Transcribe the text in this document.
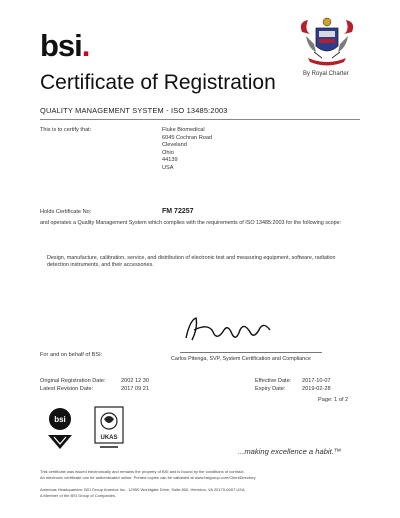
bsi.
By Royal Charter
Certificate of Registration
QUALITY MANAGEMENT SYSTEM - ISO 13485:2003
This is to certify that:	Fluke Biomedical
6045 Cochran Road
Cleveland
Ohio
44139
USA
Holds Certificate No:	FM 72257
and operates a Quality Management System which complies with the requirements of ISO 13485:2003 for the following scope:
Design, manufacture, calibration, service, and distribution of electronic test and measuring equipment, software, radiation detection instruments, and their accessories.
Pitenge
For and on behalf of BSI:
Carlos Pitenga, SVP, System Certification and Compliance
Original Registration Date:	2002 12 30
Latest Revision Date:	2017 09 21
Effective Date: 2017-10-07
Expiry Date:	2019-02-28
Page: 1 of 2
bsi
UKAS
...making excellence a habit.™
This certificate was issued electronically and remains the property of BSI and is bound by the conditions of contract.
An electronic certificate can be authenticated online. Printed copies can be validated at www.bsigroup.com/ClientDirectory
Americas Headquarters: BSI Group America Inc., 12950 Worldgate Drive, Suite 800, Herndon, VA 20170-6007 USA
A Member of the BSI Group of Companies.
